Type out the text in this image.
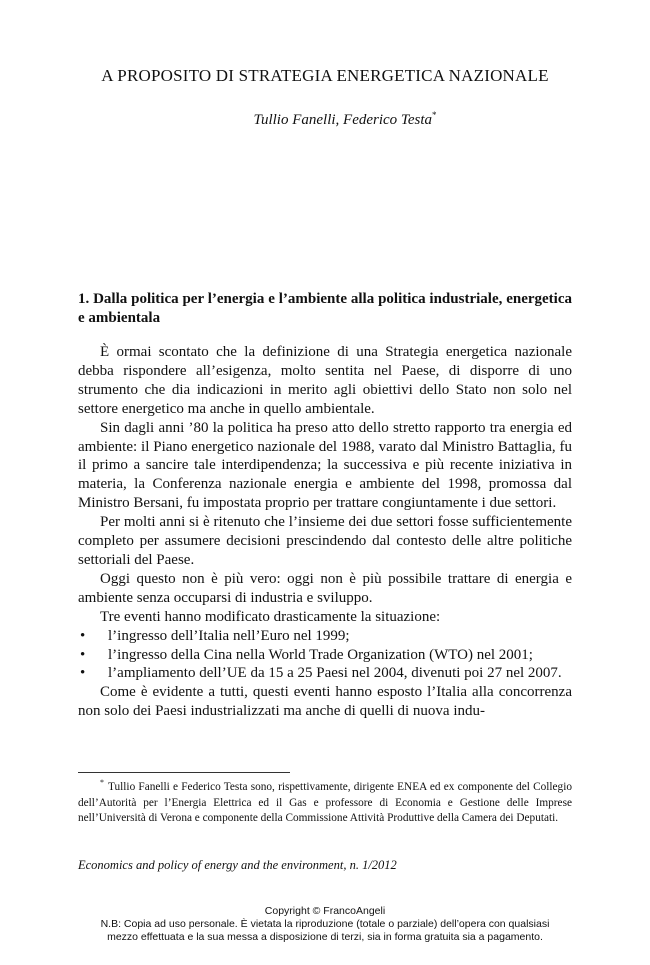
A PROPOSITO DI STRATEGIA ENERGETICA NAZIONALE
Tullio Fanelli, Federico Testa*
1. Dalla politica per l’energia e l’ambiente alla politica industriale, energetica e ambientala

È ormai scontato che la definizione di una Strategia energetica nazionale debba rispondere all’esigenza, molto sentita nel Paese, di disporre di uno strumento che dia indicazioni in merito agli obiettivi dello Stato non solo nel settore energetico ma anche in quello ambientale.

Sin dagli anni ’80 la politica ha preso atto dello stretto rapporto tra energia ed ambiente: il Piano energetico nazionale del 1988, varato dal Ministro Battaglia, fu il primo a sancire tale interdipendenza; la successiva e più recente iniziativa in materia, la Conferenza nazionale energia e ambiente del 1998, promossa dal Ministro Bersani, fu impostata proprio per trattare congiuntamente i due settori.

Per molti anni si è ritenuto che l’insieme dei due settori fosse sufficientemente completo per assumere decisioni prescindendo dal contesto delle altre politiche settoriali del Paese.

Oggi questo non è più vero: oggi non è più possibile trattare di energia e ambiente senza occuparsi di industria e sviluppo.

Tre eventi hanno modificato drasticamente la situazione:

• l’ingresso dell’Italia nell’Euro nel 1999;
• l’ingresso della Cina nella World Trade Organization (WTO) nel 2001;
• l’ampliamento dell’UE da 15 a 25 Paesi nel 2004, divenuti poi 27 nel 2007.

Come è evidente a tutti, questi eventi hanno esposto l’Italia alla concorrenza non solo dei Paesi industrializzati ma anche di quelli di nuova indu-

* Tullio Fanelli e Federico Testa sono, rispettivamente, dirigente ENEA ed ex componente del Collegio dell’Autorità per l’Energia Elettrica ed il Gas e professore di Economia e Gestione delle Imprese nell’Università di Verona e componente della Commissione Attività Produttive della Camera dei Deputati.
Economics and policy of energy and the environment, n. 1/2012
Copyright © FrancoAngeli
N.B: Copia ad uso personale. È vietata la riproduzione (totale o parziale) dell’opera con qualsiasi
mezzo effettuata e la sua messa a disposizione di terzi, sia in forma gratuita sia a pagamento.
